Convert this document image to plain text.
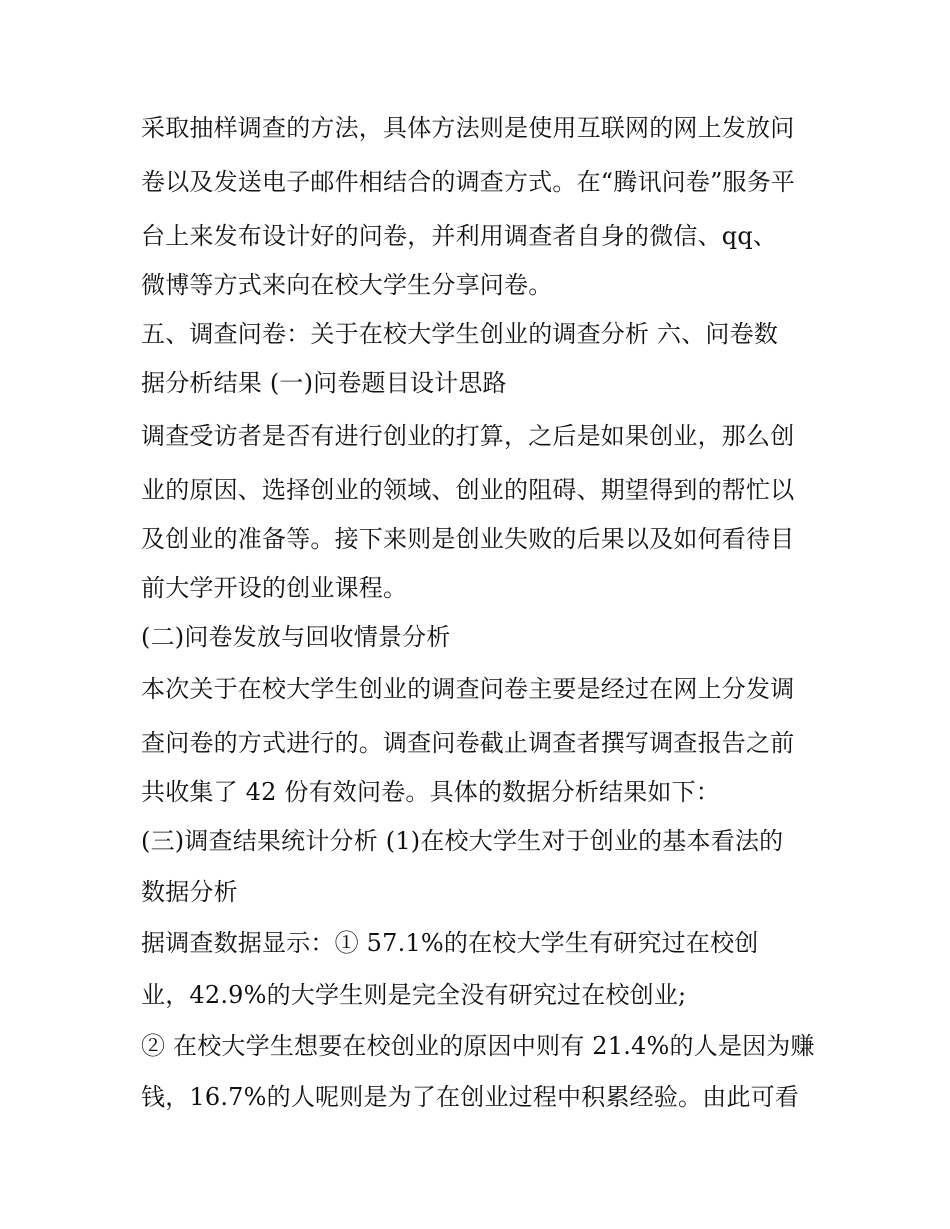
采取抽样调查的方法，具体方法则是使用互联网的网上发放问
卷以及发送电子邮件相结合的调查方式。在“腾讯问卷”服务平
台上来发布设计好的问卷，并利用调查者自身的微信、qq、
微博等方式来向在校大学生分享问卷。
五、调查问卷：关于在校大学生创业的调查分析 六、问卷数
据分析结果 (一)问卷题目设计思路
调查受访者是否有进行创业的打算，之后是如果创业，那么创
业的原因、选择创业的领域、创业的阻碍、期望得到的帮忙以
及创业的准备等。接下来则是创业失败的后果以及如何看待目
前大学开设的创业课程。
(二)问卷发放与回收情景分析
本次关于在校大学生创业的调查问卷主要是经过在网上分发调
查问卷的方式进行的。调查问卷截止调查者撰写调查报告之前
共收集了 42 份有效问卷。具体的数据分析结果如下：
(三)调查结果统计分析 (1)在校大学生对于创业的基本看法的
数据分析
据调查数据显示：① 57.1%的在校大学生有研究过在校创
业，42.9%的大学生则是完全没有研究过在校创业;
② 在校大学生想要在校创业的原因中则有 21.4%的人是因为赚
钱，16.7%的人呢则是为了在创业过程中积累经验。由此可看
